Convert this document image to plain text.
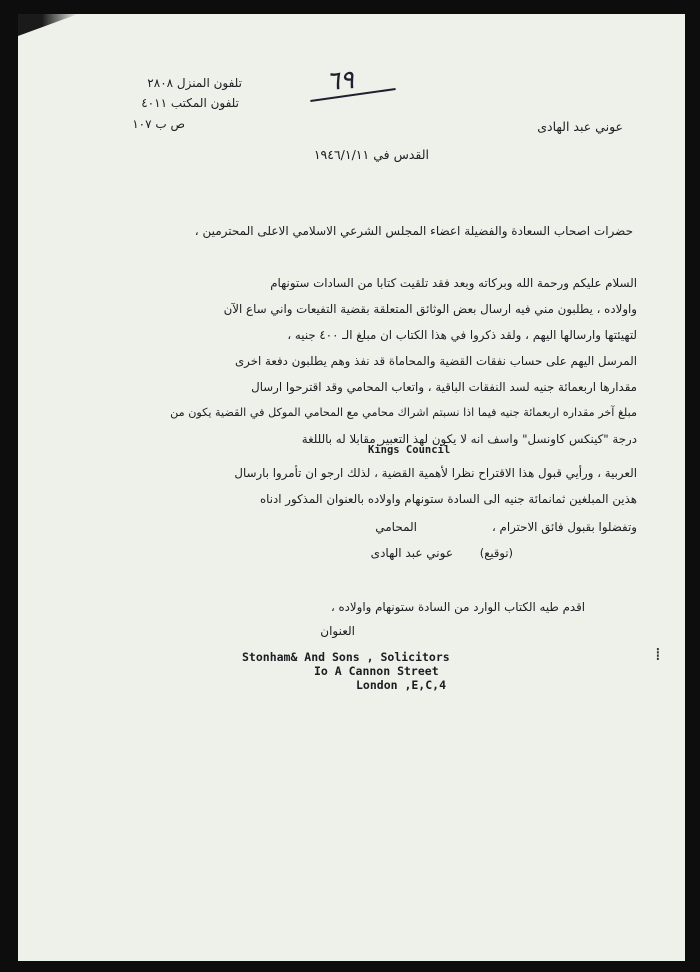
٦٩
تلفون المنزل ٢٨٠٨
تلفون المكتب ٤٠١١
ص ب ١٠٧	عوني عبد الهادى
القدس في ١٩٤٦/١/١١
حضرات اصحاب السعادة والفضيلة اعضاء المجلس الشرعي الاسلامي الاعلى المحترمين ،
السلام عليكم ورحمة الله وبركاته وبعد فقد تلقيت كتابا من السادات ستونهام
واولاده ، يطلبون مني فيه ارسال بعض الوثائق المتعلقة بقضية التفيعات واني ساع الآن
لتهيئتها وارسالها اليهم ، ولقد ذكروا في هذا الكتاب ان مبلغ الـ ٤٠٠ جنيه ،
المرسل اليهم على حساب نفقات القضية والمحاماة قد نفذ وهم يطلبون دفعة اخرى
مقدارها اربعمائة جنيه لسد النفقات الباقية ، واتعاب المحامي وقد اقترحوا ارسال
مبلغ آخر مقداره اربعمائة جنيه فيما اذا نسبتم اشراك محامي مع المحامي الموكل في القضية يكون من
درجة "كينكس كاونسل" واسف انه لا يكون لهذ التعبير مقابلا له بالللغة
Kings Council
العربية ، ورأيي قبول هذا الاقتراح نظرا لأهمية القضية ، لذلك ارجو ان تأمروا بارسال
هذين المبلغين ثمانمائة جنيه الى السادة ستونهام واولاده بالعنوان المذكور ادناه
وتفضلوا بقبول فائق الاحترام ،
المحامي
(توقيع)
عوني عبد الهادى
اقدم طيه الكتاب الوارد من السادة ستونهام واولاده ،
العنوان
Stonham& And Sons , Solicitors
Io A Cannon Street
London ,E,C,4
⁞
